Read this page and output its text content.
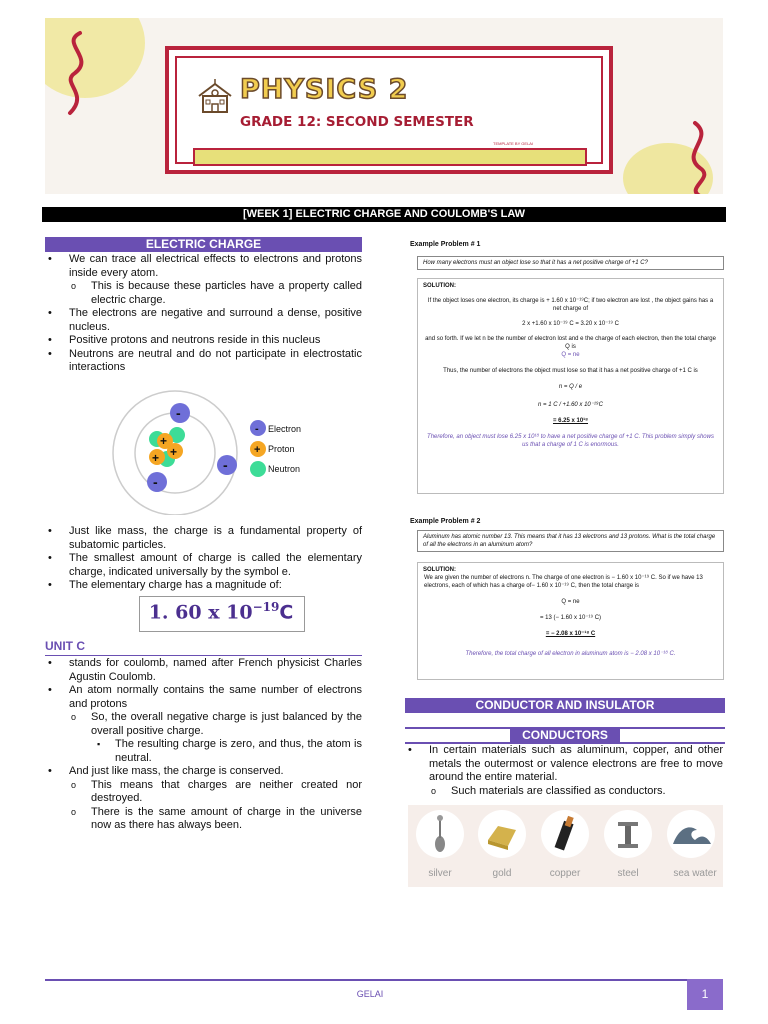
PHYSICS 2
GRADE 12: SECOND SEMESTER
TEMPLATE BY GELAI
[WEEK 1] ELECTRIC CHARGE AND COULOMB'S LAW
ELECTRIC CHARGE
• We can trace all electrical effects to electrons and protons inside every atom.
o This is because these particles have a property called electric charge.
• The electrons are negative and surround a dense, positive nucleus.
• Positive protons and neutrons reside in this nucleus
• Neutrons are neutral and do not participate in electrostatic interactions
+
+ +
-
-
-
-
+
Electron
Proton
Neutron
• Just like mass, the charge is a fundamental property of subatomic particles.
• The smallest amount of charge is called the elementary charge, indicated universally by the symbol e.
• The elementary charge has a magnitude of:
1. 60 x $10^{-19}C$
UNIT C
• stands for coulomb, named after French physicist Charles Agustin Coulomb.
• An atom normally contains the same number of electrons and protons
o So, the overall negative charge is just balanced by the overall positive charge.
▪ The resulting charge is zero, and thus, the atom is neutral.
• And just like mass, the charge is conserved.
o This means that charges are neither created nor destroyed.
o There is the same amount of charge in the universe now as there has always been.
Example Problem # 1
How many electrons must an object lose so that it has a net positive charge of +1 C?
SOLUTION:
If the object loses one electron, its charge is + 1.60 x 10⁻¹⁹C; if two electron are lost , the object gains has a net charge of
2 x +1.60 x 10⁻¹⁹ C = 3.20 x 10⁻¹⁹ C
and so forth. If we let n be the number of electron lost and e the charge of each electron, then the total charge Q is
Q = ne
Thus, the number of electrons the object must lose so that it has a net positive charge of +1 C is
n = Q / e
n = 1 C / +1.60 x 10⁻¹⁹C
= 6.25 x 10¹⁸
Therefore, an object must lose 6.25 x 10¹⁸ to have a net positive charge of +1 C. This problem simply shows us that a charge of 1 C is enormous.
Example Problem # 2
Aluminum has atomic number 13. This means that it has 13 electrons and 13 protons. What is the total charge of all the electrons in an aluminum atom?
SOLUTION:
We are given the number of electrons n. The charge of one electron is − 1.60 x 10⁻¹⁹ C. So if we have 13 electrons, each of which has a charge of− 1.60 x 10⁻¹⁹ C, then the total charge is
Q = ne
= 13 (− 1.60 x 10⁻¹⁹ C)
= − 2.08 x 10⁻¹⁸ C
Therefore, the total charge of all electron in aluminum atom is − 2.08 x 10⁻¹⁸ C.
CONDUCTOR AND INSULATOR
CONDUCTORS
• In certain materials such as aluminum, copper, and other metals the outermost or valence electrons are free to move around the entire material.
o Such materials are classified as conductors.
silver	gold	copper	steel	sea water
GELAI	1
